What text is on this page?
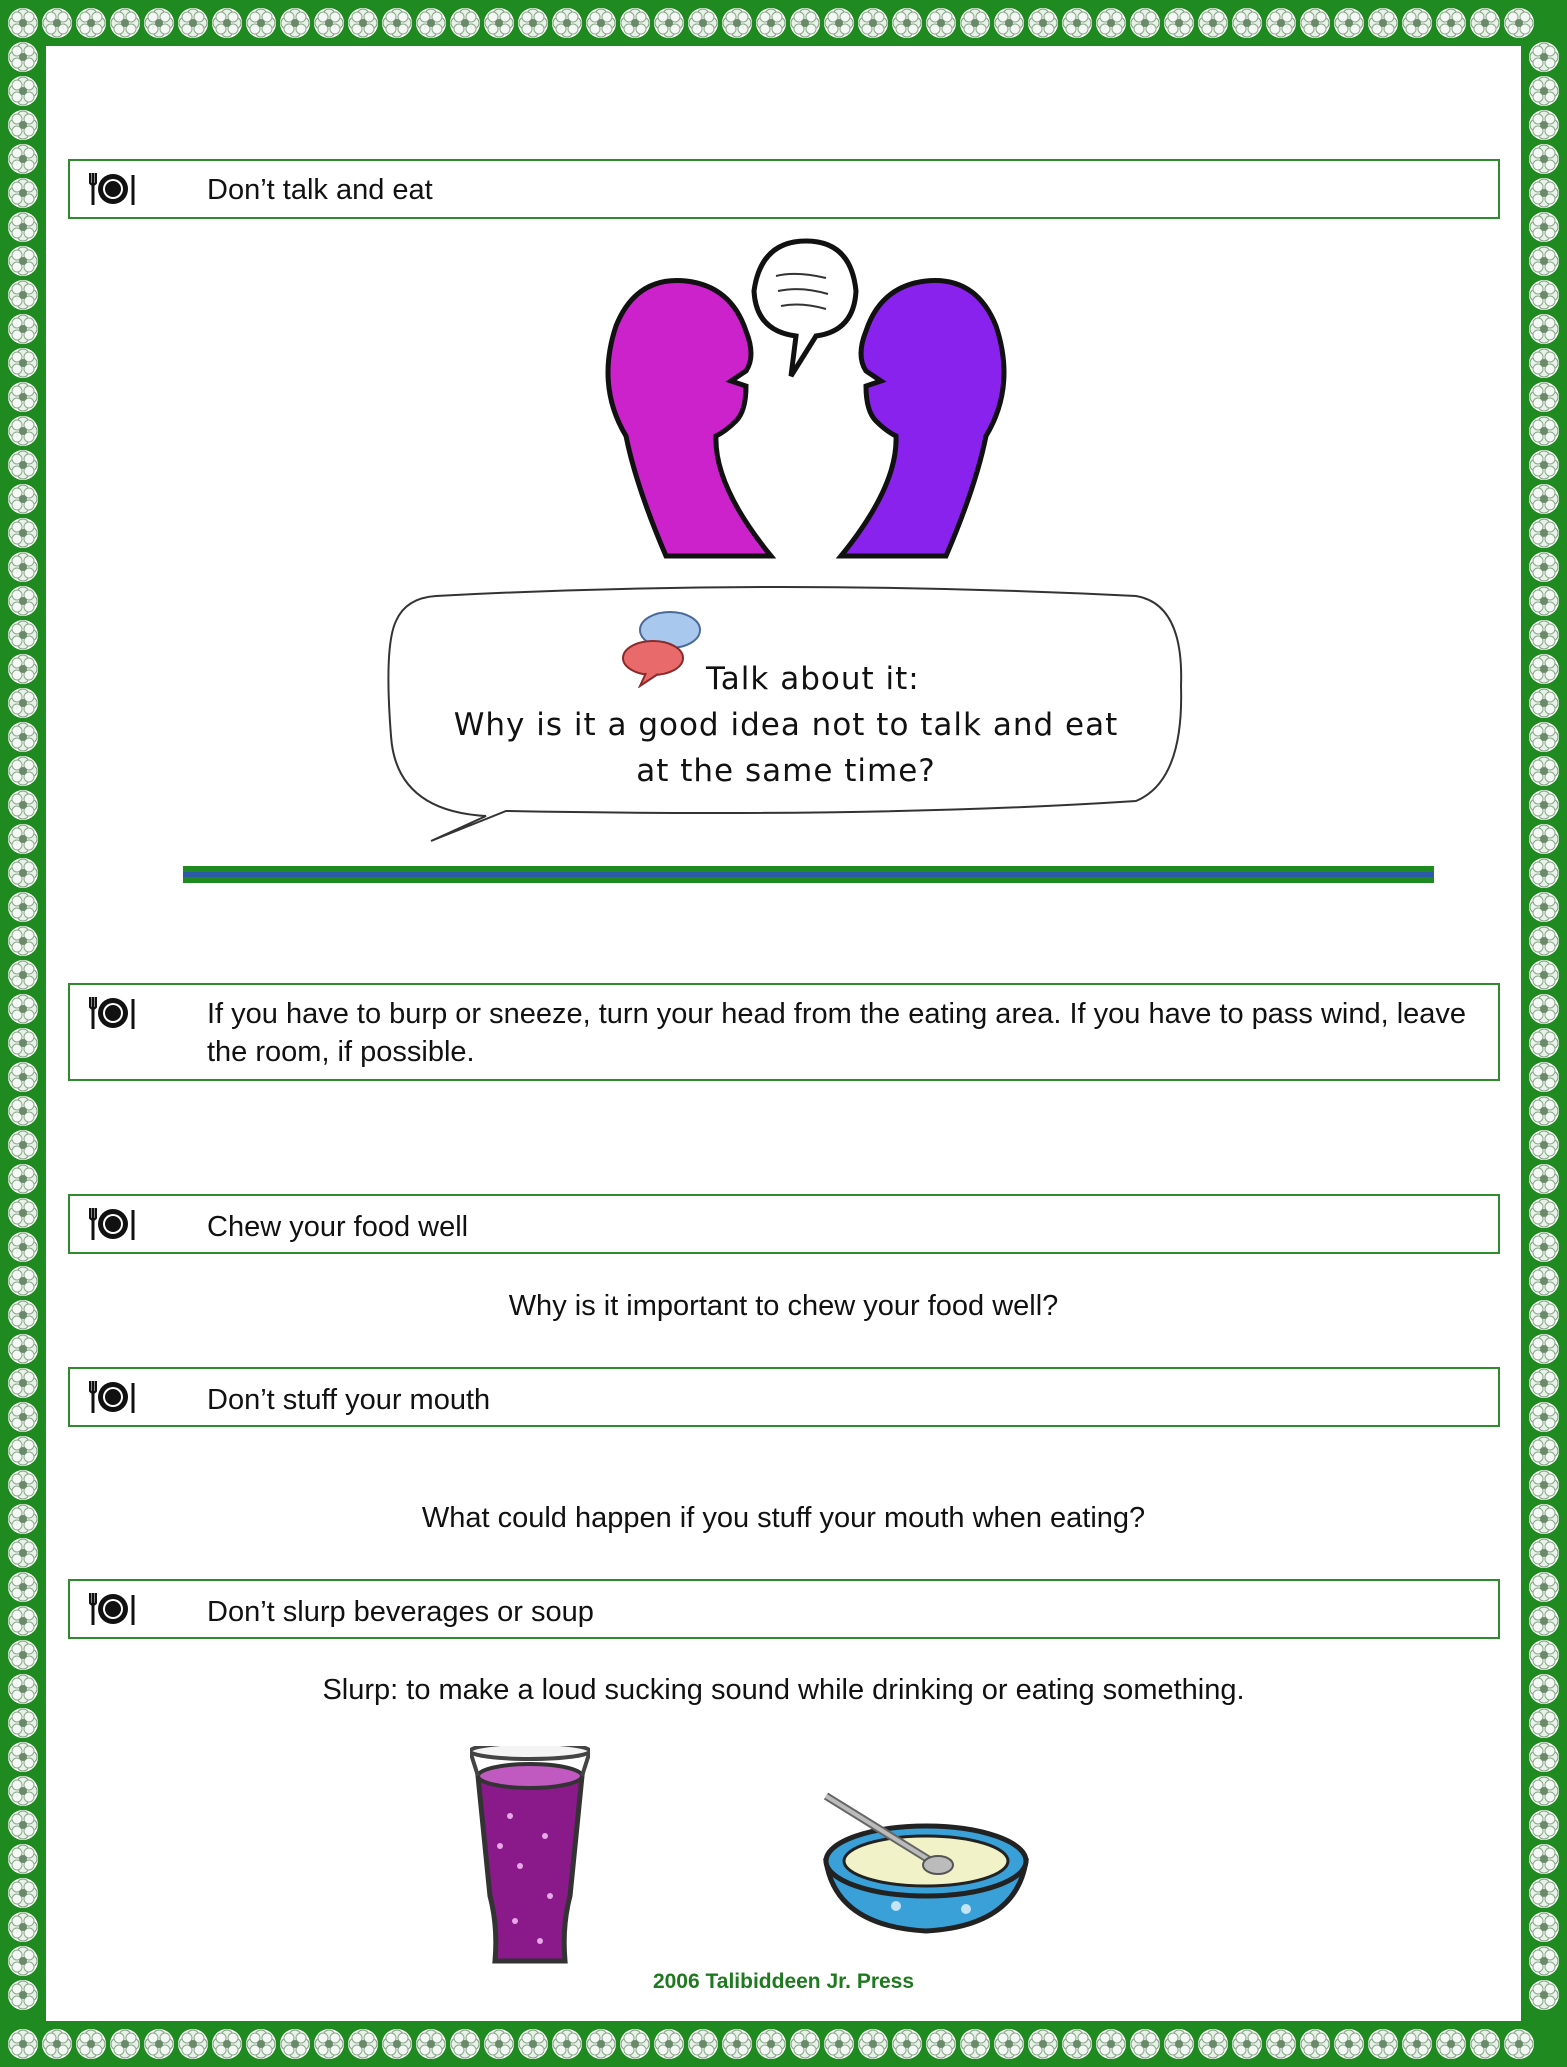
Don’t talk and eat
Talk about it:
Why is it a good idea not to talk and eat
at the same time?
If you have to burp or sneeze, turn your head from the eating area. If you have to pass wind, leave the room, if possible.
Chew your food well
Why is it important to chew your food well?
Don’t stuff your mouth
What could happen if you stuff your mouth when eating?
Don’t slurp beverages or soup
Slurp: to make a loud sucking sound while drinking or eating something.
2006 Talibiddeen Jr. Press
